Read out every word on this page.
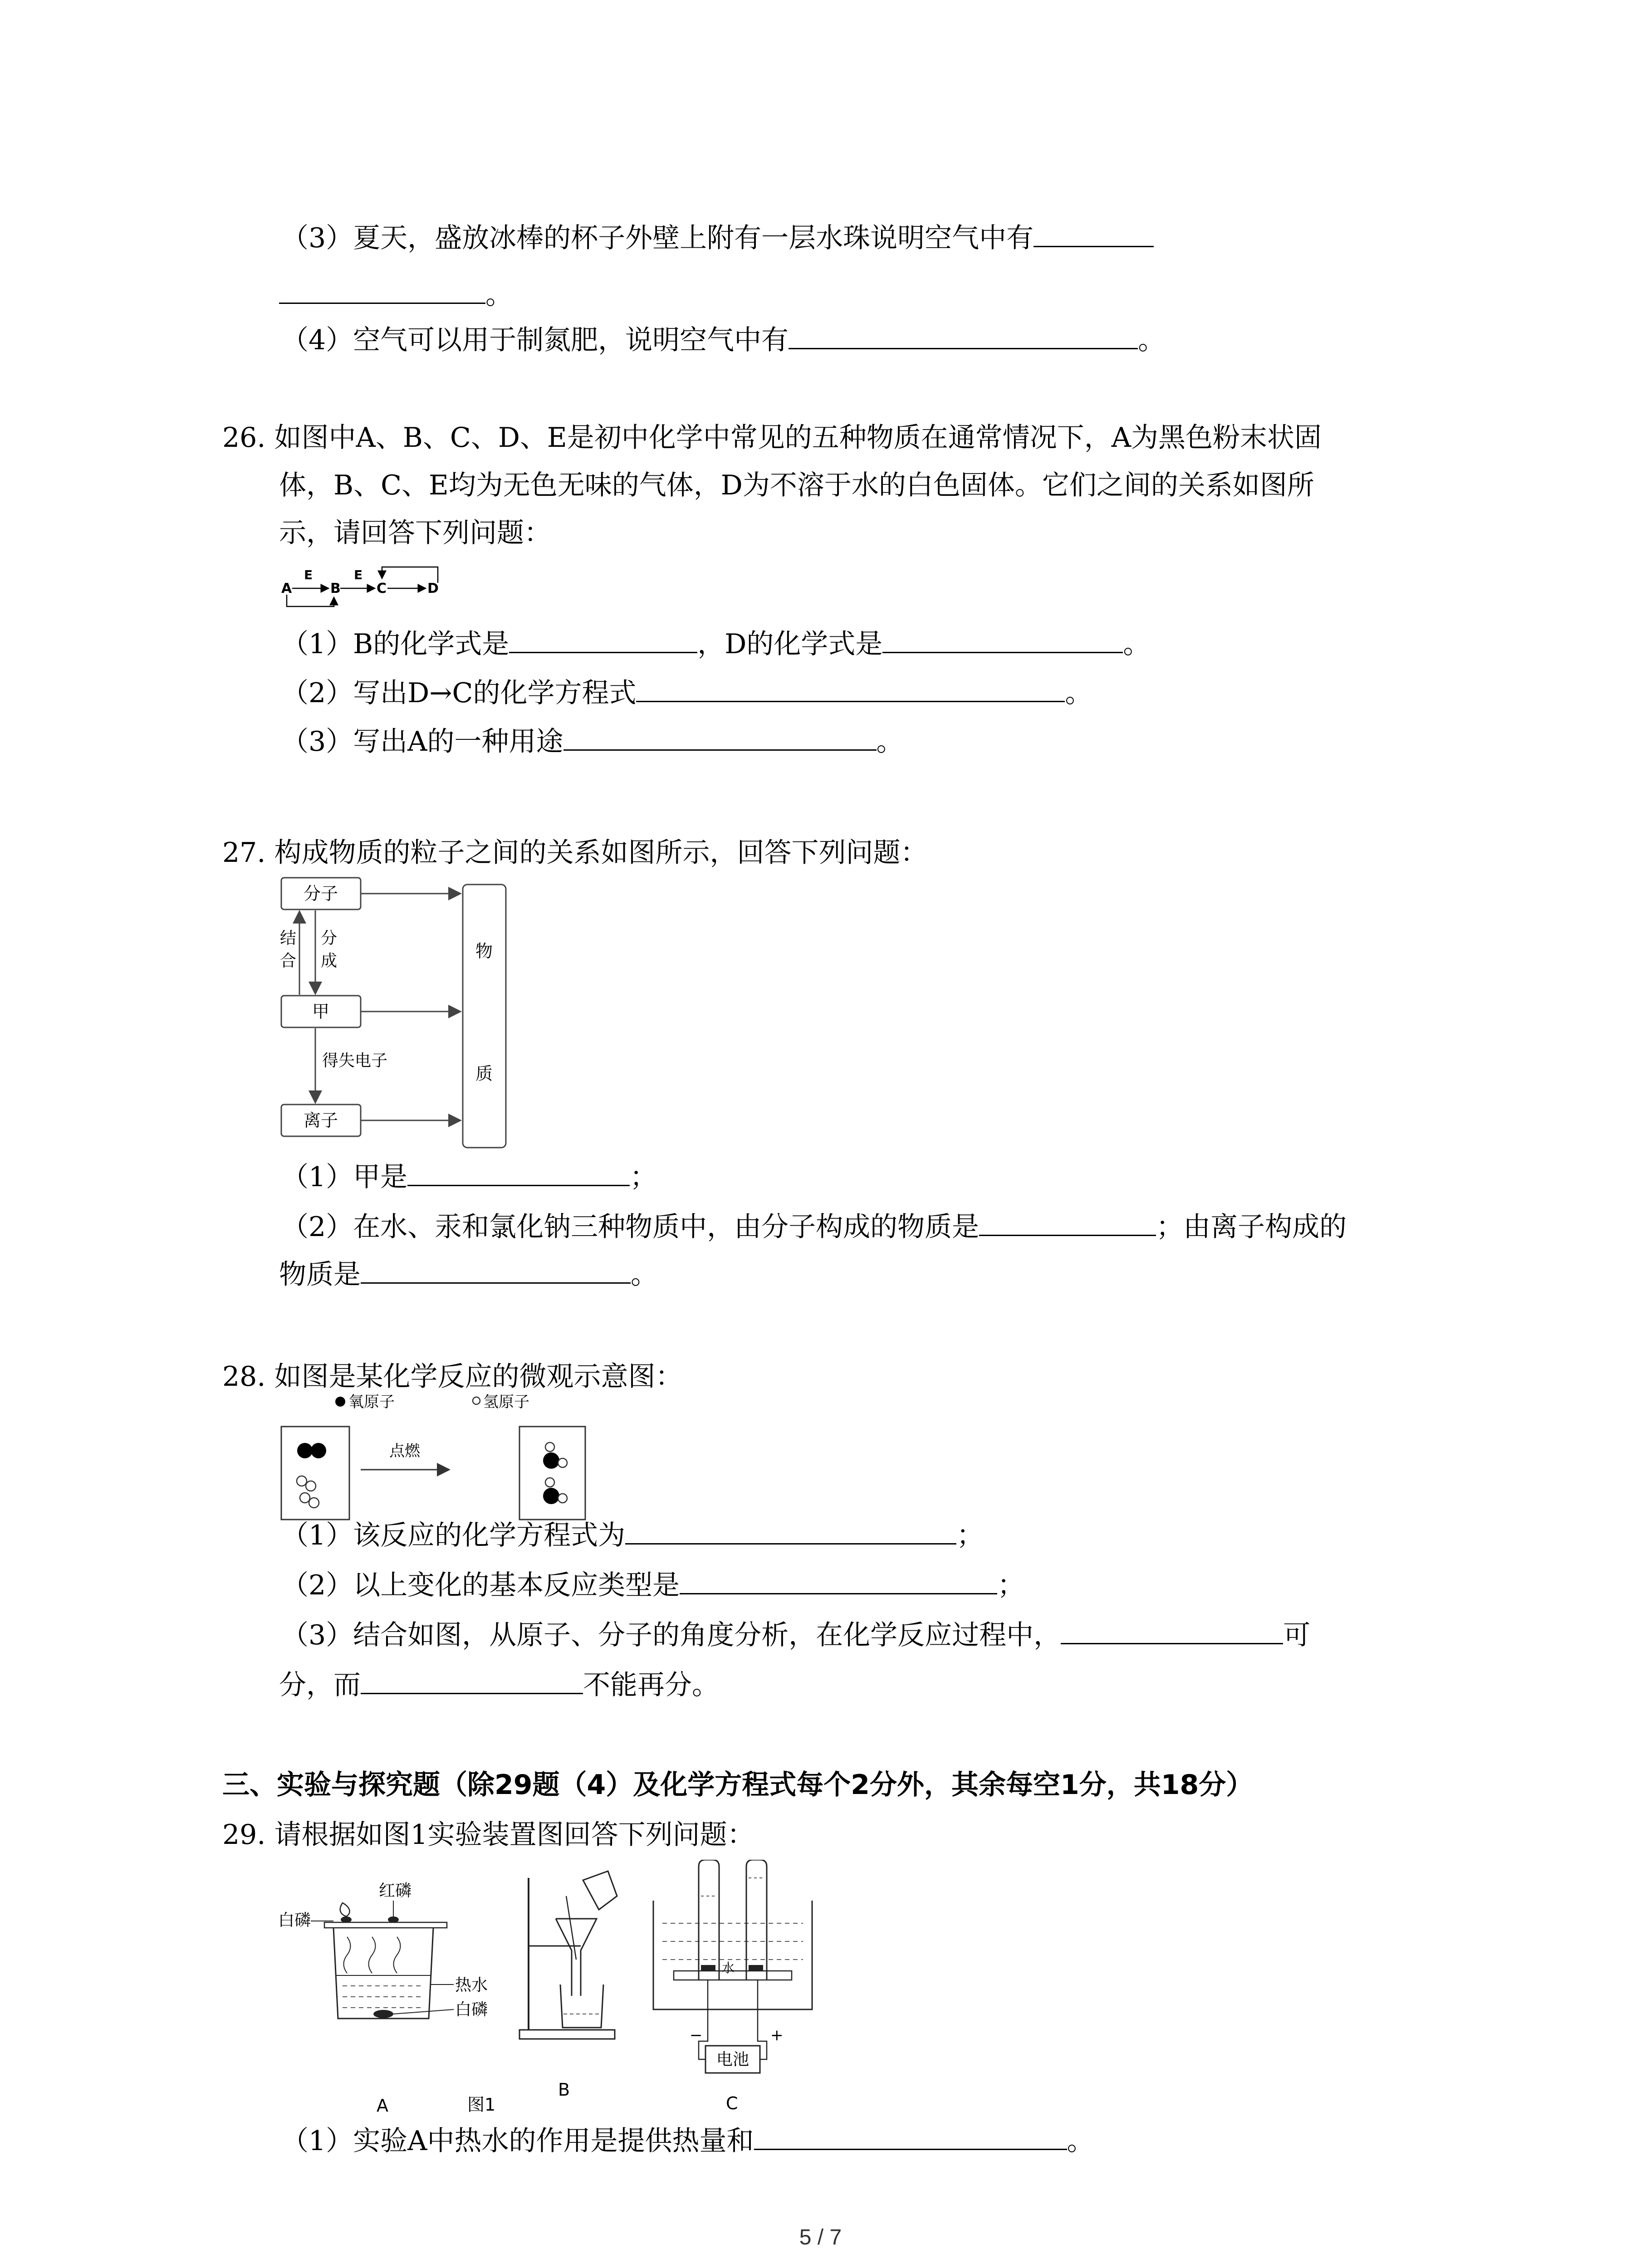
（3）夏天，盛放冰棒的杯子外壁上附有一层水珠说明空气中有
。
（4）空气可以用于制氮肥，说明空气中有	。
26. 如图中A、B、C、D、E是初中化学中常见的五种物质在通常情况下，A为黑色粉末状固
体，B、C、E均为无色无味的气体，D为不溶于水的白色固体。它们之间的关系如图所
示，请回答下列问题：
A	B	C	D
E	E
（1）B的化学式是	，D的化学式是	。
（2）写出D→C的化学方程式	。
（3）写出A的一种用途	。
27. 构成物质的粒子之间的关系如图所示，回答下列问题：
分子
甲
离子
物
质
结
合
分
成
得失电子
（1）甲是	；
（2）在水、汞和氯化钠三种物质中，由分子构成的物质是	；由离子构成的
物质是	。
28. 如图是某化学反应的微观示意图：
氧原子	氢原子
点燃
（1）该反应的化学方程式为	；
（2）以上变化的基本反应类型是	；
（3）结合如图，从原子、分子的角度分析，在化学反应过程中，	可
分，而	不能再分。
三、实验与探究题（除29题（4）及化学方程式每个2分外，其余每空1分，共18分）
29. 请根据如图1实验装置图回答下列问题：
红磷
白磷
热水
白磷
A	图1
B
水
电池
−	+
C
（1）实验A中热水的作用是提供热量和	。
5 / 7
